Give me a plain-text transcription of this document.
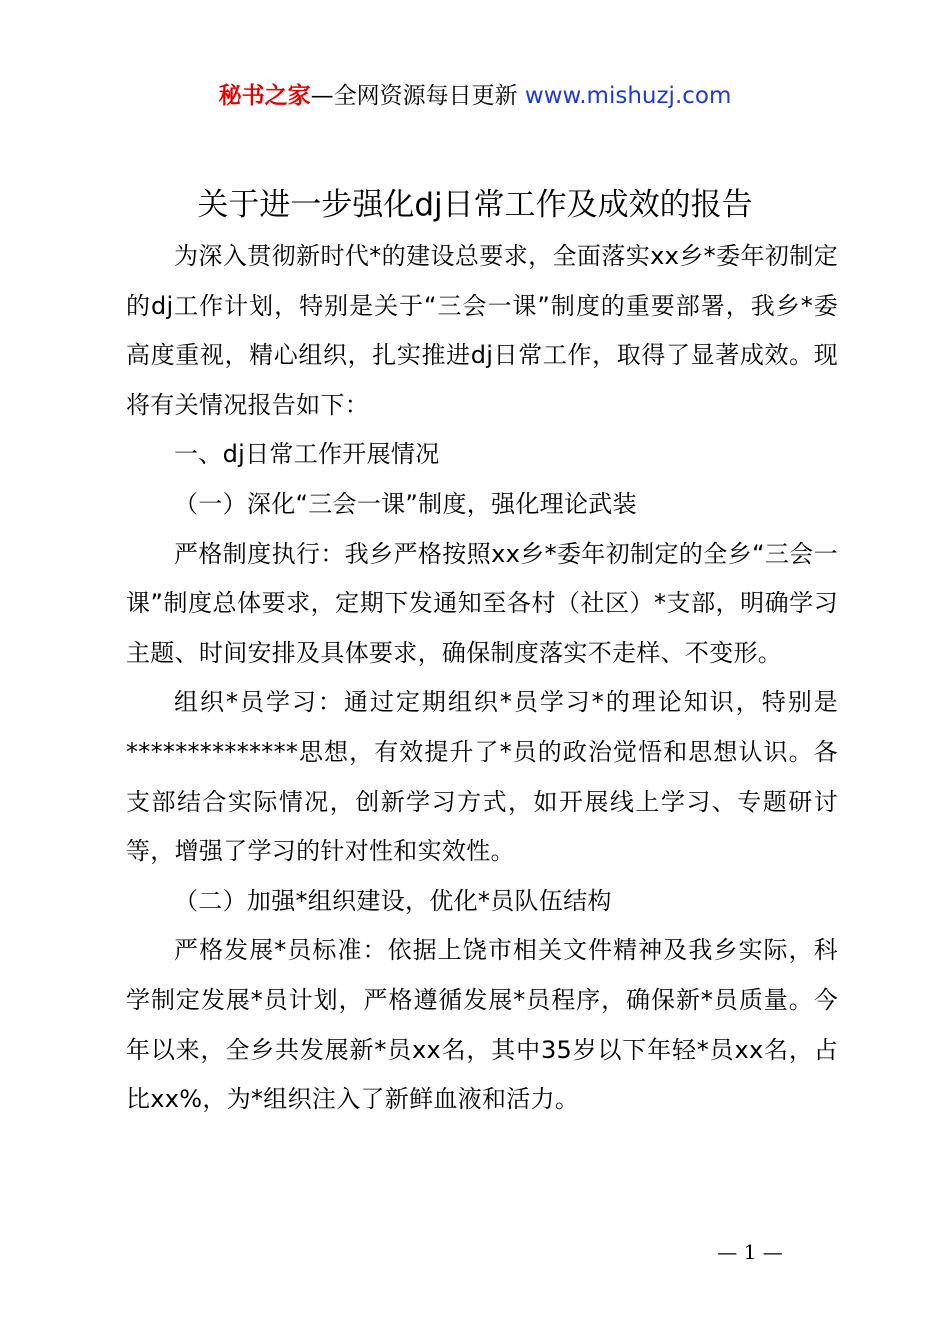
秘书之家—全网资源每日更新 www.mishuzj.com
关于进一步强化dj日常工作及成效的报告

为深入贯彻新时代*的建设总要求，全面落实xx乡*委年初制定的dj工作计划，特别是关于“三会一课”制度的重要部署，我乡*委高度重视，精心组织，扎实推进dj日常工作，取得了显著成效。现将有关情况报告如下：

一、dj日常工作开展情况

（一）深化“三会一课”制度，强化理论武装

严格制度执行：我乡严格按照xx乡*委年初制定的全乡“三会一课”制度总体要求，定期下发通知至各村（社区）*支部，明确学习主题、时间安排及具体要求，确保制度落实不走样、不变形。

组织*员学习：通过定期组织*员学习*的理论知识，特别是**************思想，有效提升了*员的政治觉悟和思想认识。各支部结合实际情况，创新学习方式，如开展线上学习、专题研讨等，增强了学习的针对性和实效性。

（二）加强*组织建设，优化*员队伍结构

严格发展*员标准：依据上饶市相关文件精神及我乡实际，科学制定发展*员计划，严格遵循发展*员程序，确保新*员质量。今年以来，全乡共发展新*员xx名，其中35岁以下年轻*员xx名，占比xx%，为*组织注入了新鲜血液和活力。

— 1 —
